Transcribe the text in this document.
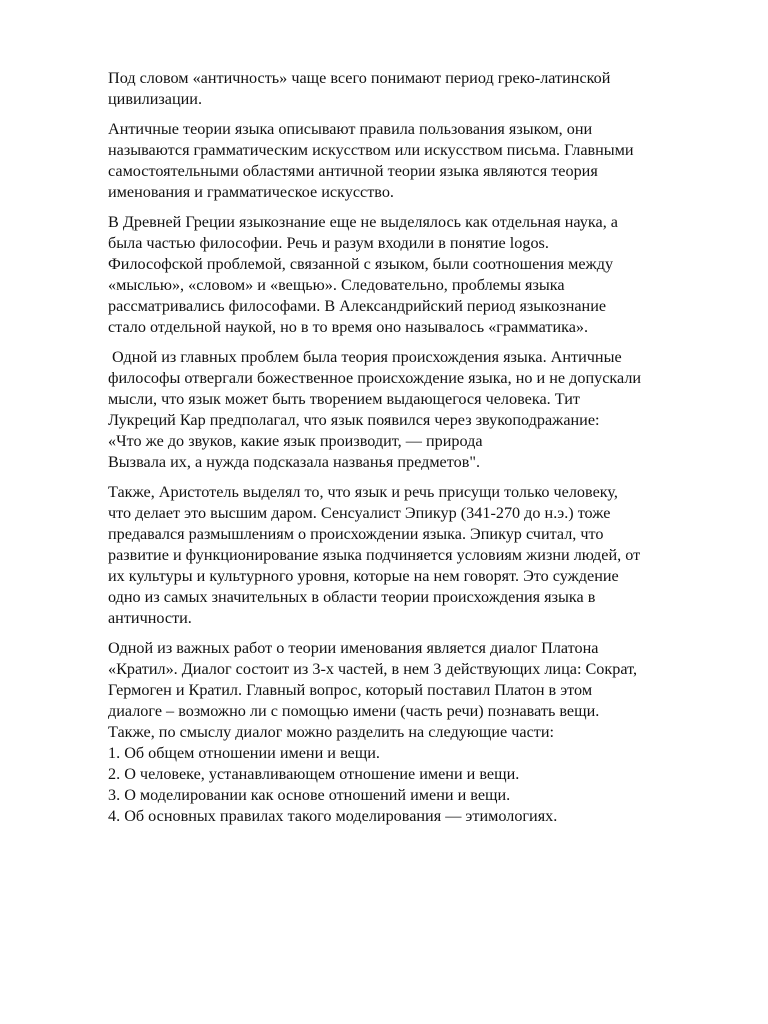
Под словом «античность» чаще всего понимают период греко-латинской
цивилизации.

Античные теории языка описывают правила пользования языком, они
называются грамматическим искусством или искусством письма. Главными
самостоятельными областями античной теории языка являются теория
именования и грамматическое искусство.

В Древней Греции языкознание еще не выделялось как отдельная наука, а
была частью философии. Речь и разум входили в понятие logos.
Философской проблемой, связанной с языком, были соотношения между
«мыслью», «словом» и «вещью». Следовательно, проблемы языка
рассматривались философами. В Александрийский период языкознание
стало отдельной наукой, но в то время оно называлось «грамматика».

Одной из главных проблем была теория происхождения языка. Античные
философы отвергали божественное происхождение языка, но и не допускали
мысли, что язык может быть творением выдающегося человека. Тит
Лукреций Кар предполагал, что язык появился через звукоподражание:
«Что же до звуков, какие язык производит, — природа
Вызвала их, а нужда подсказала названья предметов".

Также, Аристотель выделял то, что язык и речь присущи только человеку,
что делает это высшим даром. Сенсуалист Эпикур (341-270 до н.э.) тоже
предавался размышлениям о происхождении языка. Эпикур считал, что
развитие и функционирование языка подчиняется условиям жизни людей, от
их культуры и культурного уровня, которые на нем говорят. Это суждение
одно из самых значительных в области теории происхождения языка в
античности.

Одной из важных работ о теории именования является диалог Платона
«Кратил». Диалог состоит из 3-х частей, в нем 3 действующих лица: Сократ,
Гермоген и Кратил. Главный вопрос, который поставил Платон в этом
диалоге – возможно ли с помощью имени (часть речи) познавать вещи.
Также, по смыслу диалог можно разделить на следующие части:
1. Об общем отношении имени и вещи.
2. О человеке, устанавливающем отношение имени и вещи.
3. О моделировании как основе отношений имени и вещи.
4. Об основных правилах такого моделирования — этимологиях.
